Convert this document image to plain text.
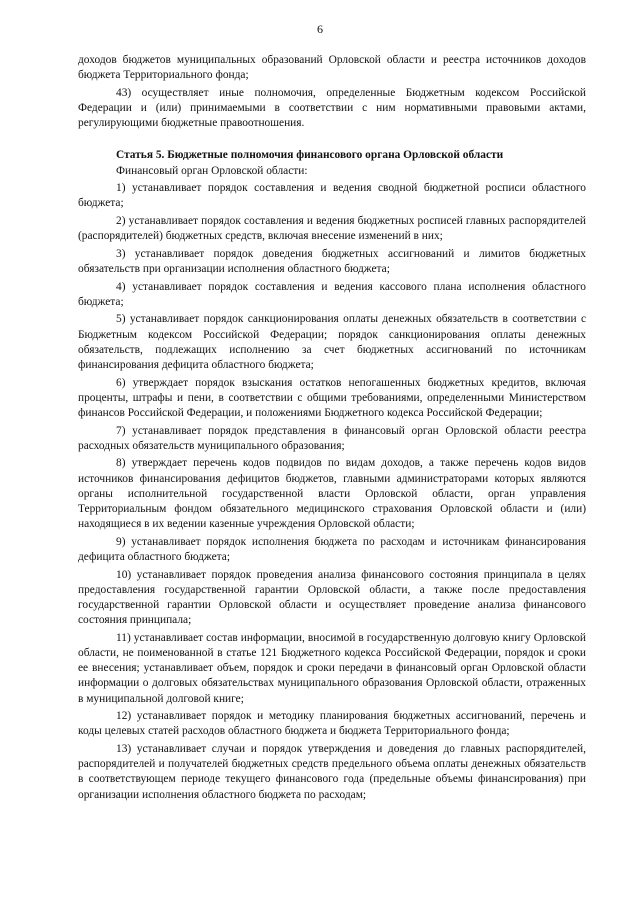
6

доходов бюджетов муниципальных образований Орловской области и реестра источников доходов бюджета Территориального фонда;

43) осуществляет иные полномочия, определенные Бюджетным кодексом Российской Федерации и (или) принимаемыми в соответствии с ним нормативными правовыми актами, регулирующими бюджетные правоотношения.

Статья 5. Бюджетные полномочия финансового органа Орловской области

Финансовый орган Орловской области:

1) устанавливает порядок составления и ведения сводной бюджетной росписи областного бюджета;

2) устанавливает порядок составления и ведения бюджетных росписей главных распорядителей (распорядителей) бюджетных средств, включая внесение изменений в них;

3) устанавливает порядок доведения бюджетных ассигнований и лимитов бюджетных обязательств при организации исполнения областного бюджета;

4) устанавливает порядок составления и ведения кассового плана исполнения областного бюджета;

5) устанавливает порядок санкционирования оплаты денежных обязательств в соответствии с Бюджетным кодексом Российской Федерации; порядок санкционирования оплаты денежных обязательств, подлежащих исполнению за счет бюджетных ассигнований по источникам финансирования дефицита областного бюджета;

6) утверждает порядок взыскания остатков непогашенных бюджетных кредитов, включая проценты, штрафы и пени, в соответствии с общими требованиями, определенными Министерством финансов Российской Федерации, и положениями Бюджетного кодекса Российской Федерации;

7) устанавливает порядок представления в финансовый орган Орловской области реестра расходных обязательств муниципального образования;

8) утверждает перечень кодов подвидов по видам доходов, а также перечень кодов видов источников финансирования дефицитов бюджетов, главными администраторами которых являются органы исполнительной государственной власти Орловской области, орган управления Территориальным фондом обязательного медицинского страхования Орловской области и (или) находящиеся в их ведении казенные учреждения Орловской области;

9) устанавливает порядок исполнения бюджета по расходам и источникам финансирования дефицита областного бюджета;

10) устанавливает порядок проведения анализа финансового состояния принципала в целях предоставления государственной гарантии Орловской области, а также после предоставления государственной гарантии Орловской области и осуществляет проведение анализа финансового состояния принципала;

11) устанавливает состав информации, вносимой в государственную долговую книгу Орловской области, не поименованной в статье 121 Бюджетного кодекса Российской Федерации, порядок и сроки ее внесения; устанавливает объем, порядок и сроки передачи в финансовый орган Орловской области информации о долговых обязательствах муниципального образования Орловской области, отраженных в муниципальной долговой книге;

12) устанавливает порядок и методику планирования бюджетных ассигнований, перечень и коды целевых статей расходов областного бюджета и бюджета Территориального фонда;

13) устанавливает случаи и порядок утверждения и доведения до главных распорядителей, распорядителей и получателей бюджетных средств предельного объема оплаты денежных обязательств в соответствующем периоде текущего финансового года (предельные объемы финансирования) при организации исполнения областного бюджета по расходам;
